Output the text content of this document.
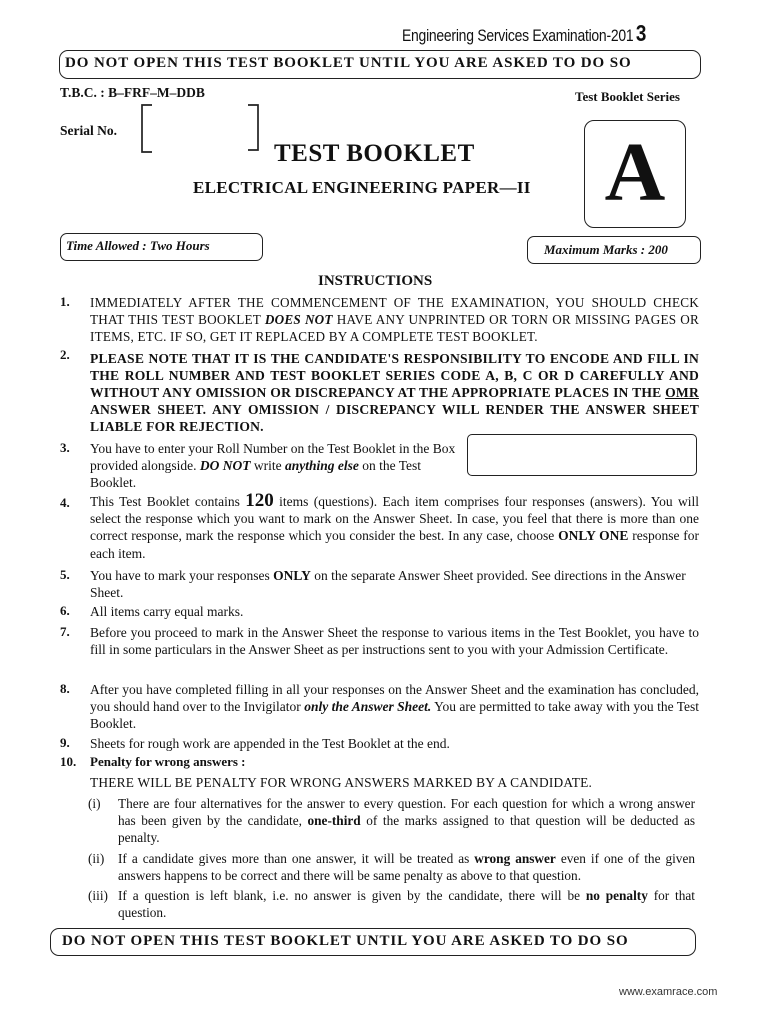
Engineering Services Examination-201 3
DO NOT OPEN THIS TEST BOOKLET UNTIL YOU ARE ASKED TO DO SO
T.B.C. : B–FRF–M–DDB	Test Booklet Series
Serial No.
TEST BOOKLET
ELECTRICAL ENGINEERING PAPER—II A
Time Allowed : Two Hours	Maximum Marks : 200
INSTRUCTIONS
1.	IMMEDIATELY AFTER THE COMMENCEMENT OF THE EXAMINATION, YOU SHOULD CHECK THAT THIS TEST BOOKLET DOES NOT HAVE ANY UNPRINTED OR TORN OR MISSING PAGES OR ITEMS, ETC. IF SO, GET IT REPLACED BY A COMPLETE TEST BOOKLET.
2.	PLEASE NOTE THAT IT IS THE CANDIDATE'S RESPONSIBILITY TO ENCODE AND FILL IN THE ROLL NUMBER AND TEST BOOKLET SERIES CODE A, B, C OR D CAREFULLY AND WITHOUT ANY OMISSION OR DISCREPANCY AT THE APPROPRIATE PLACES IN THE OMR ANSWER SHEET. ANY OMISSION / DISCREPANCY WILL RENDER THE ANSWER SHEET LIABLE FOR REJECTION.
3.	You have to enter your Roll Number on the Test Booklet in the Box provided alongside. DO NOT write anything else on the Test Booklet.
4.	This Test Booklet contains 120 items (questions). Each item comprises four responses (answers). You will select the response which you want to mark on the Answer Sheet. In case, you feel that there is more than one correct response, mark the response which you consider the best. In any case, choose ONLY ONE response for each item.
5.	You have to mark your responses ONLY on the separate Answer Sheet provided. See directions in the Answer Sheet.
6.	All items carry equal marks.
7.	Before you proceed to mark in the Answer Sheet the response to various items in the Test Booklet, you have to fill in some particulars in the Answer Sheet as per instructions sent to you with your Admission Certificate.
8.	After you have completed filling in all your responses on the Answer Sheet and the examination has concluded, you should hand over to the Invigilator only the Answer Sheet. You are permitted to take away with you the Test Booklet.
9.	Sheets for rough work are appended in the Test Booklet at the end.
10.	Penalty for wrong answers :
THERE WILL BE PENALTY FOR WRONG ANSWERS MARKED BY A CANDIDATE.
(i) There are four alternatives for the answer to every question. For each question for which a wrong answer has been given by the candidate, one-third of the marks assigned to that question will be deducted as penalty.
(ii) If a candidate gives more than one answer, it will be treated as wrong answer even if one of the given answers happens to be correct and there will be same penalty as above to that question.
(iii) If a question is left blank, i.e. no answer is given by the candidate, there will be no penalty for that question.
DO NOT OPEN THIS TEST BOOKLET UNTIL YOU ARE ASKED TO DO SO
www.examrace.com
